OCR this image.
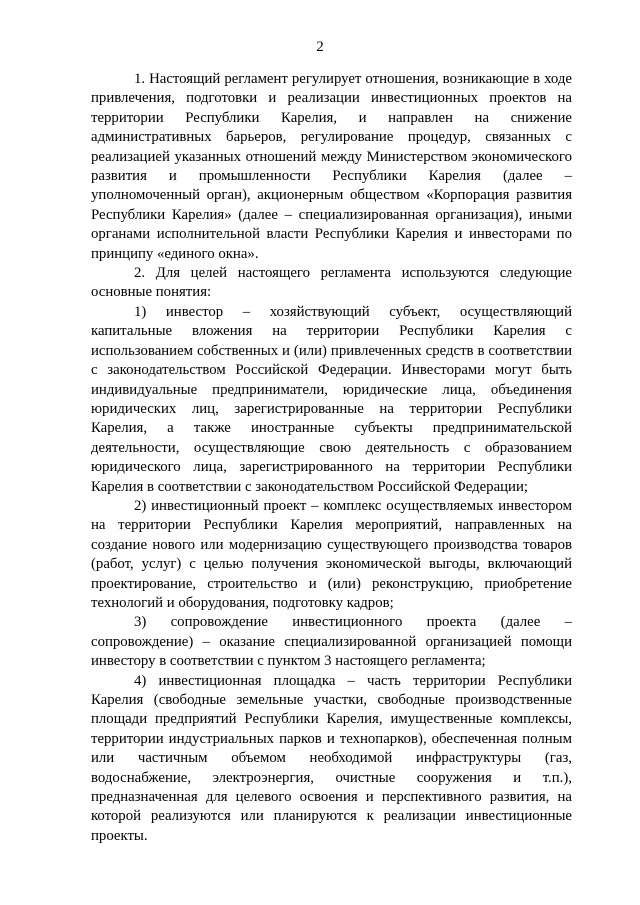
2

1. Настоящий регламент регулирует отношения, возникающие в ходе привлечения, подготовки и реализации инвестиционных проектов на территории Республики Карелия, и направлен на снижение административных барьеров, регулирование процедур, связанных с реализацией указанных отношений между Министерством экономического развития и промышленности Республики Карелия (далее – уполномоченный орган), акционерным обществом «Корпорация развития Республики Карелия» (далее – специализированная организация), иными органами исполнительной власти Республики Карелия и инвесторами по принципу «единого окна».

2. Для целей настоящего регламента используются следующие основные понятия:

1) инвестор – хозяйствующий субъект, осуществляющий капитальные вложения на территории Республики Карелия с использованием собственных и (или) привлеченных средств в соответствии с законодательством Российской Федерации. Инвесторами могут быть индивидуальные предприниматели, юридические лица, объединения юридических лиц, зарегистрированные на территории Республики Карелия, а также иностранные субъекты предпринимательской деятельности, осуществляющие свою деятельность с образованием юридического лица, зарегистрированного на территории Республики Карелия в соответствии с законодательством Российской Федерации;

2) инвестиционный проект – комплекс осуществляемых инвестором на территории Республики Карелия мероприятий, направленных на создание нового или модернизацию существующего производства товаров (работ, услуг) с целью получения экономической выгоды, включающий проектирование, строительство и (или) реконструкцию, приобретение технологий и оборудования, подготовку кадров;

3) сопровождение инвестиционного проекта (далее – сопровождение) – оказание специализированной организацией помощи инвестору в соответствии с пунктом 3 настоящего регламента;

4) инвестиционная площадка – часть территории Республики Карелия (свободные земельные участки, свободные производственные площади предприятий Республики Карелия, имущественные комплексы, территории индустриальных парков и технопарков), обеспеченная полным или частичным объемом необходимой инфраструктуры (газ, водоснабжение, электроэнергия, очистные сооружения и т.п.), предназначенная для целевого освоения и перспективного развития, на которой реализуются или планируются к реализации инвестиционные проекты.
